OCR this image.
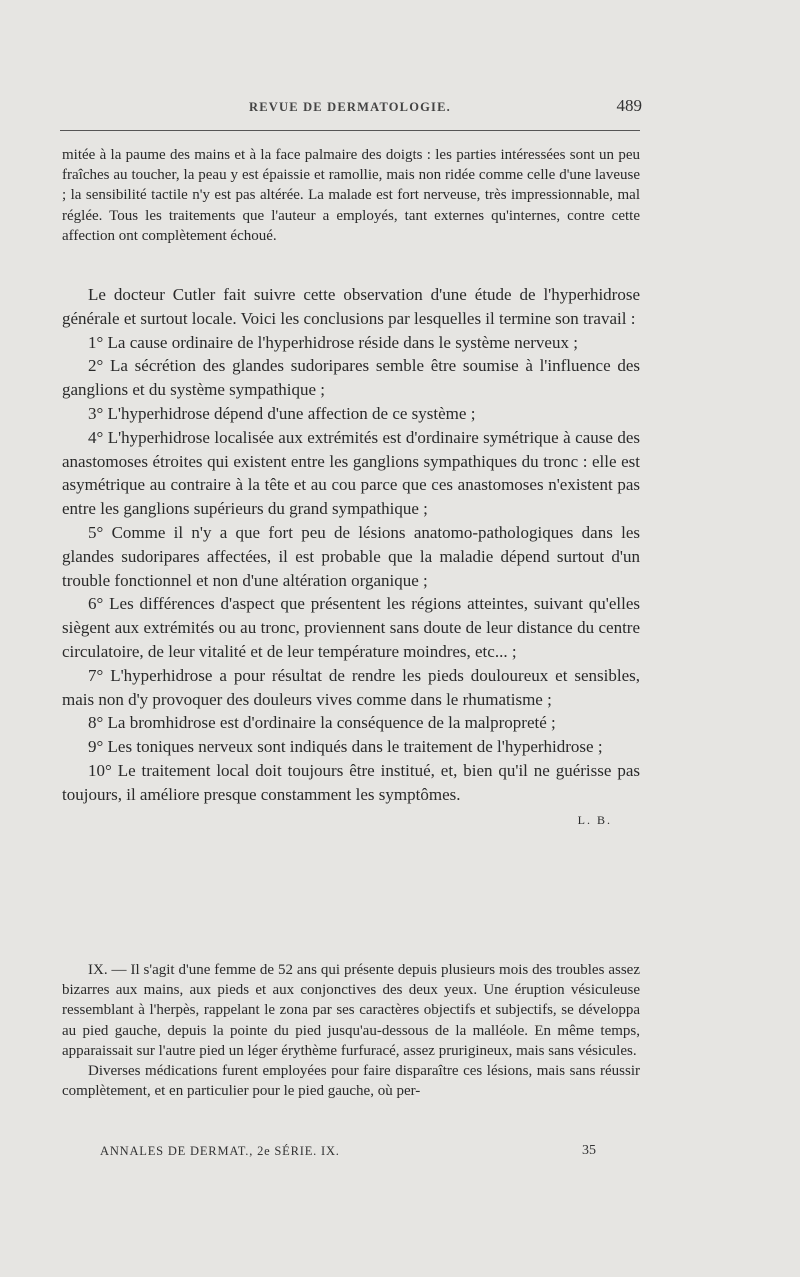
REVUE DE DERMATOLOGIE.	489

mitée à la paume des mains et à la face palmaire des doigts : les parties intéressées sont un peu fraîches au toucher, la peau y est épaissie et ramollie, mais non ridée comme celle d'une laveuse ; la sensibilité tactile n'y est pas altérée. La malade est fort nerveuse, très impressionnable, mal réglée. Tous les traitements que l'auteur a employés, tant externes qu'internes, contre cette affection ont complètement échoué.

Le docteur Cutler fait suivre cette observation d'une étude de l'hyperhidrose générale et surtout locale. Voici les conclusions par lesquelles il termine son travail :

1° La cause ordinaire de l'hyperhidrose réside dans le système nerveux ;

2° La sécrétion des glandes sudoripares semble être soumise à l'influence des ganglions et du système sympathique ;

3° L'hyperhidrose dépend d'une affection de ce système ;

4° L'hyperhidrose localisée aux extrémités est d'ordinaire symétrique à cause des anastomoses étroites qui existent entre les ganglions sympathiques du tronc : elle est asymétrique au contraire à la tête et au cou parce que ces anastomoses n'existent pas entre les ganglions supérieurs du grand sympathique ;

5° Comme il n'y a que fort peu de lésions anatomo-pathologiques dans les glandes sudoripares affectées, il est probable que la maladie dépend surtout d'un trouble fonctionnel et non d'une altération organique ;

6° Les différences d'aspect que présentent les régions atteintes, suivant qu'elles siègent aux extrémités ou au tronc, proviennent sans doute de leur distance du centre circulatoire, de leur vitalité et de leur température moindres, etc... ;

7° L'hyperhidrose a pour résultat de rendre les pieds douloureux et sensibles, mais non d'y provoquer des douleurs vives comme dans le rhumatisme ;

8° La bromhidrose est d'ordinaire la conséquence de la malpropreté ;

9° Les toniques nerveux sont indiqués dans le traitement de l'hyperhidrose ;

10° Le traitement local doit toujours être institué, et, bien qu'il ne guérisse pas toujours, il améliore presque constamment les symptômes.

L. B.

IX. — Il s'agit d'une femme de 52 ans qui présente depuis plusieurs mois des troubles assez bizarres aux mains, aux pieds et aux conjonctives des deux yeux. Une éruption vésiculeuse ressemblant à l'herpès, rappelant le zona par ses caractères objectifs et subjectifs, se développa au pied gauche, depuis la pointe du pied jusqu'au-dessous de la malléole. En même temps, apparaissait sur l'autre pied un léger érythème furfuracé, assez prurigineux, mais sans vésicules.

Diverses médications furent employées pour faire disparaître ces lésions, mais sans réussir complètement, et en particulier pour le pied gauche, où per-

ANNALES DE DERMAT., 2e SÉRIE. IX.	35
